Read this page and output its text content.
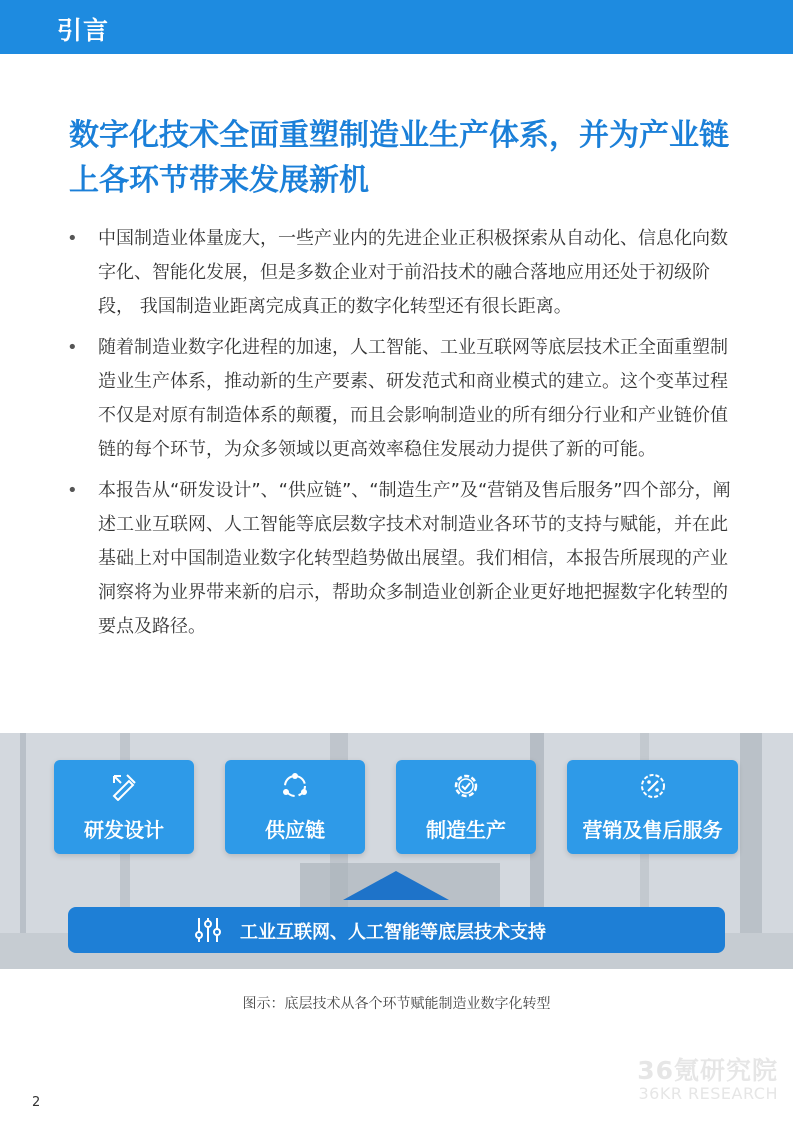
引言
数字化技术全面重塑制造业生产体系，并为产业链上各环节带来发展新机
• 中国制造业体量庞大，一些产业内的先进企业正积极探索从自动化、信息化向数字化、智能化发展，但是多数企业对于前沿技术的融合落地应用还处于初级阶段， 我国制造业距离完成真正的数字化转型还有很长距离。
• 随着制造业数字化进程的加速，人工智能、工业互联网等底层技术正全面重塑制造业生产体系，推动新的生产要素、研发范式和商业模式的建立。这个变革过程不仅是对原有制造体系的颠覆，而且会影响制造业的所有细分行业和产业链价值链的每个环节，为众多领域以更高效率稳住发展动力提供了新的可能。
• 本报告从“研发设计”、“供应链”、“制造生产”及“营销及售后服务”四个部分，阐述工业互联网、人工智能等底层数字技术对制造业各环节的支持与赋能，并在此基础上对中国制造业数字化转型趋势做出展望。我们相信，本报告所展现的产业洞察将为业界带来新的启示，帮助众多制造业创新企业更好地把握数字化转型的要点及路径。
研发设计	供应链	制造生产	营销及售后服务
工业互联网、人工智能等底层技术支持
图示：底层技术从各个环节赋能制造业数字化转型
36氪研究院
36KR RESEARCH
2
